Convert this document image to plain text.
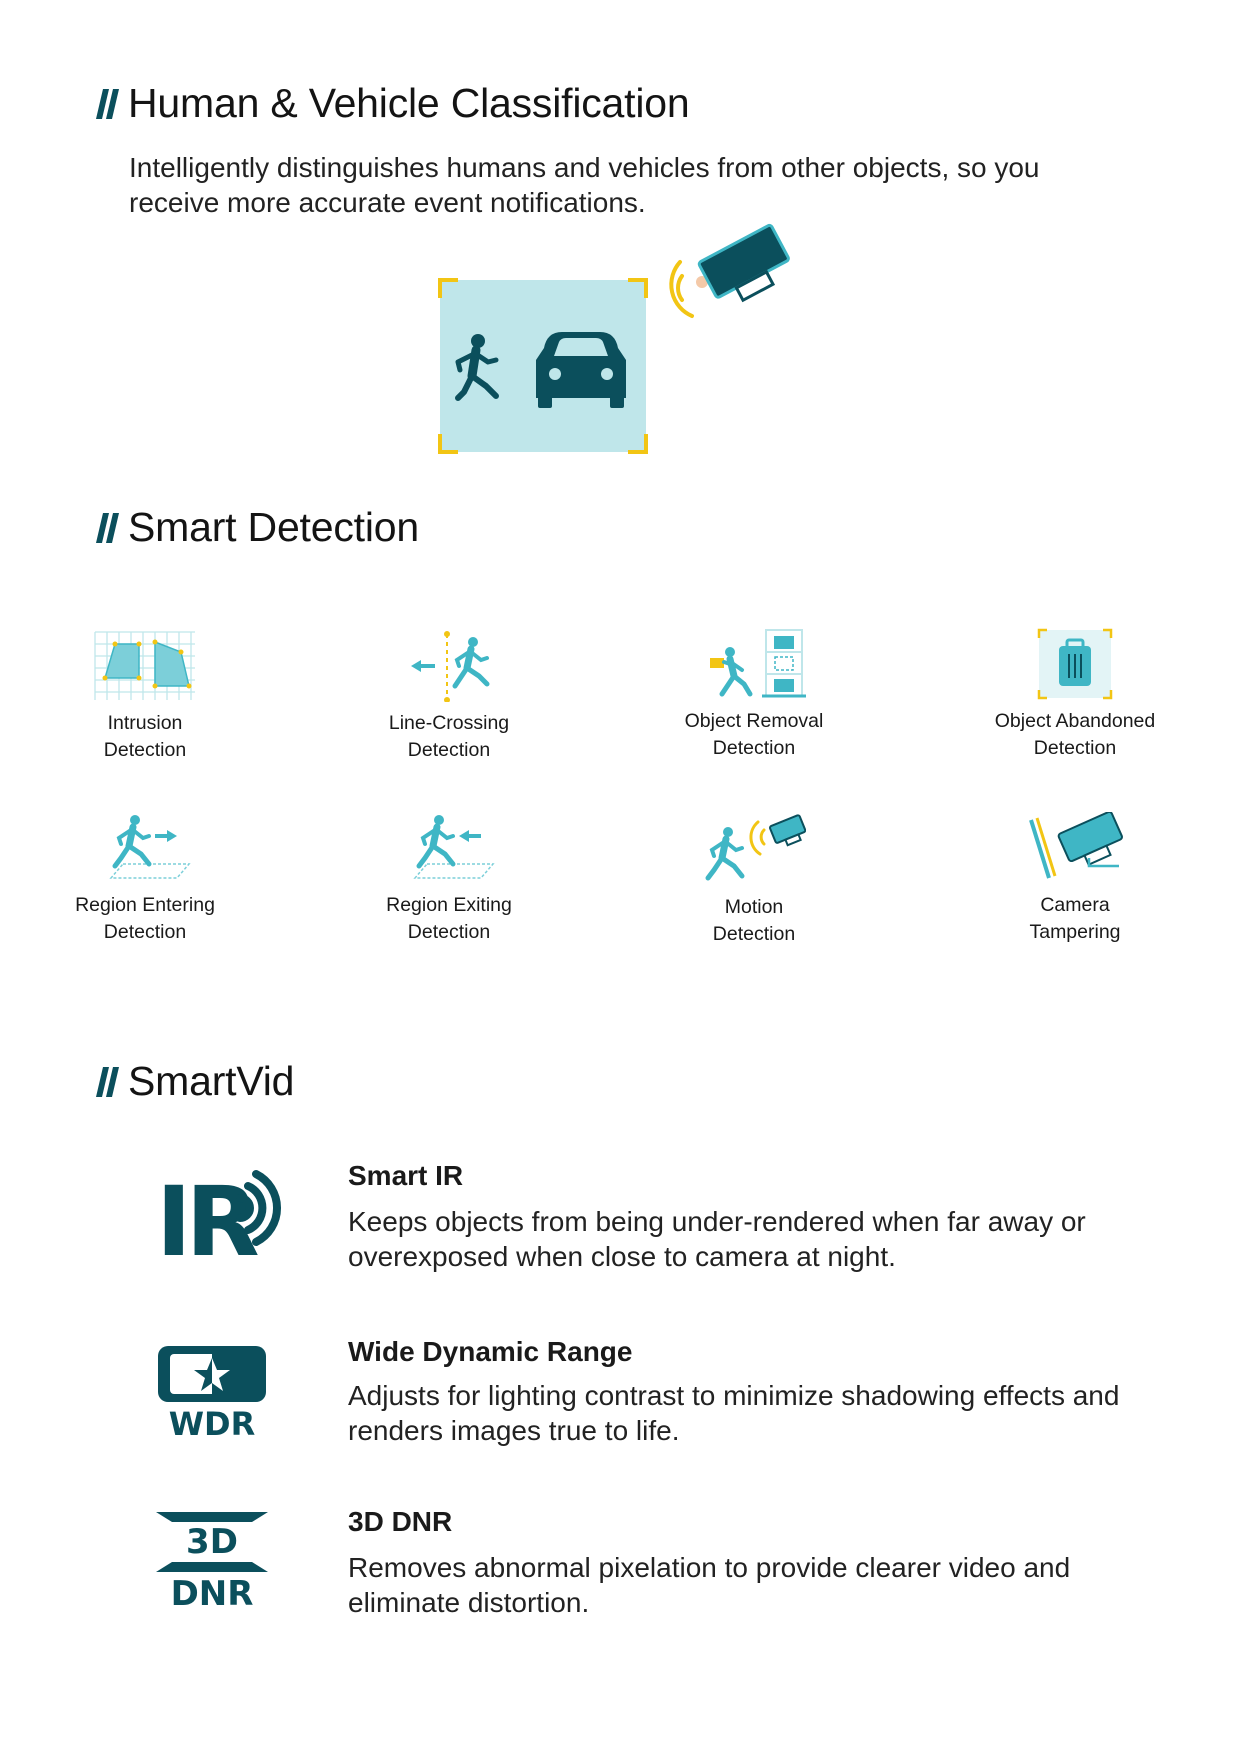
Human & Vehicle Classification
Intelligently distinguishes humans and vehicles from other objects, so you receive more accurate event notifications.
Smart Detection
Intrusion
Detection
Line-Crossing
Detection
Object Removal
Detection
Object Abandoned
Detection
Region Entering
Detection
Region Exiting
Detection
Motion
Detection
Camera
Tampering
SmartVid
IR	Smart IR
Keeps objects from being under-rendered when far away or overexposed when close to camera at night.
WDR
Wide Dynamic Range
Adjusts for lighting contrast to minimize shadowing effects and renders images true to life.
3D
DNR
3D DNR
Removes abnormal pixelation to provide clearer video and eliminate distortion.
